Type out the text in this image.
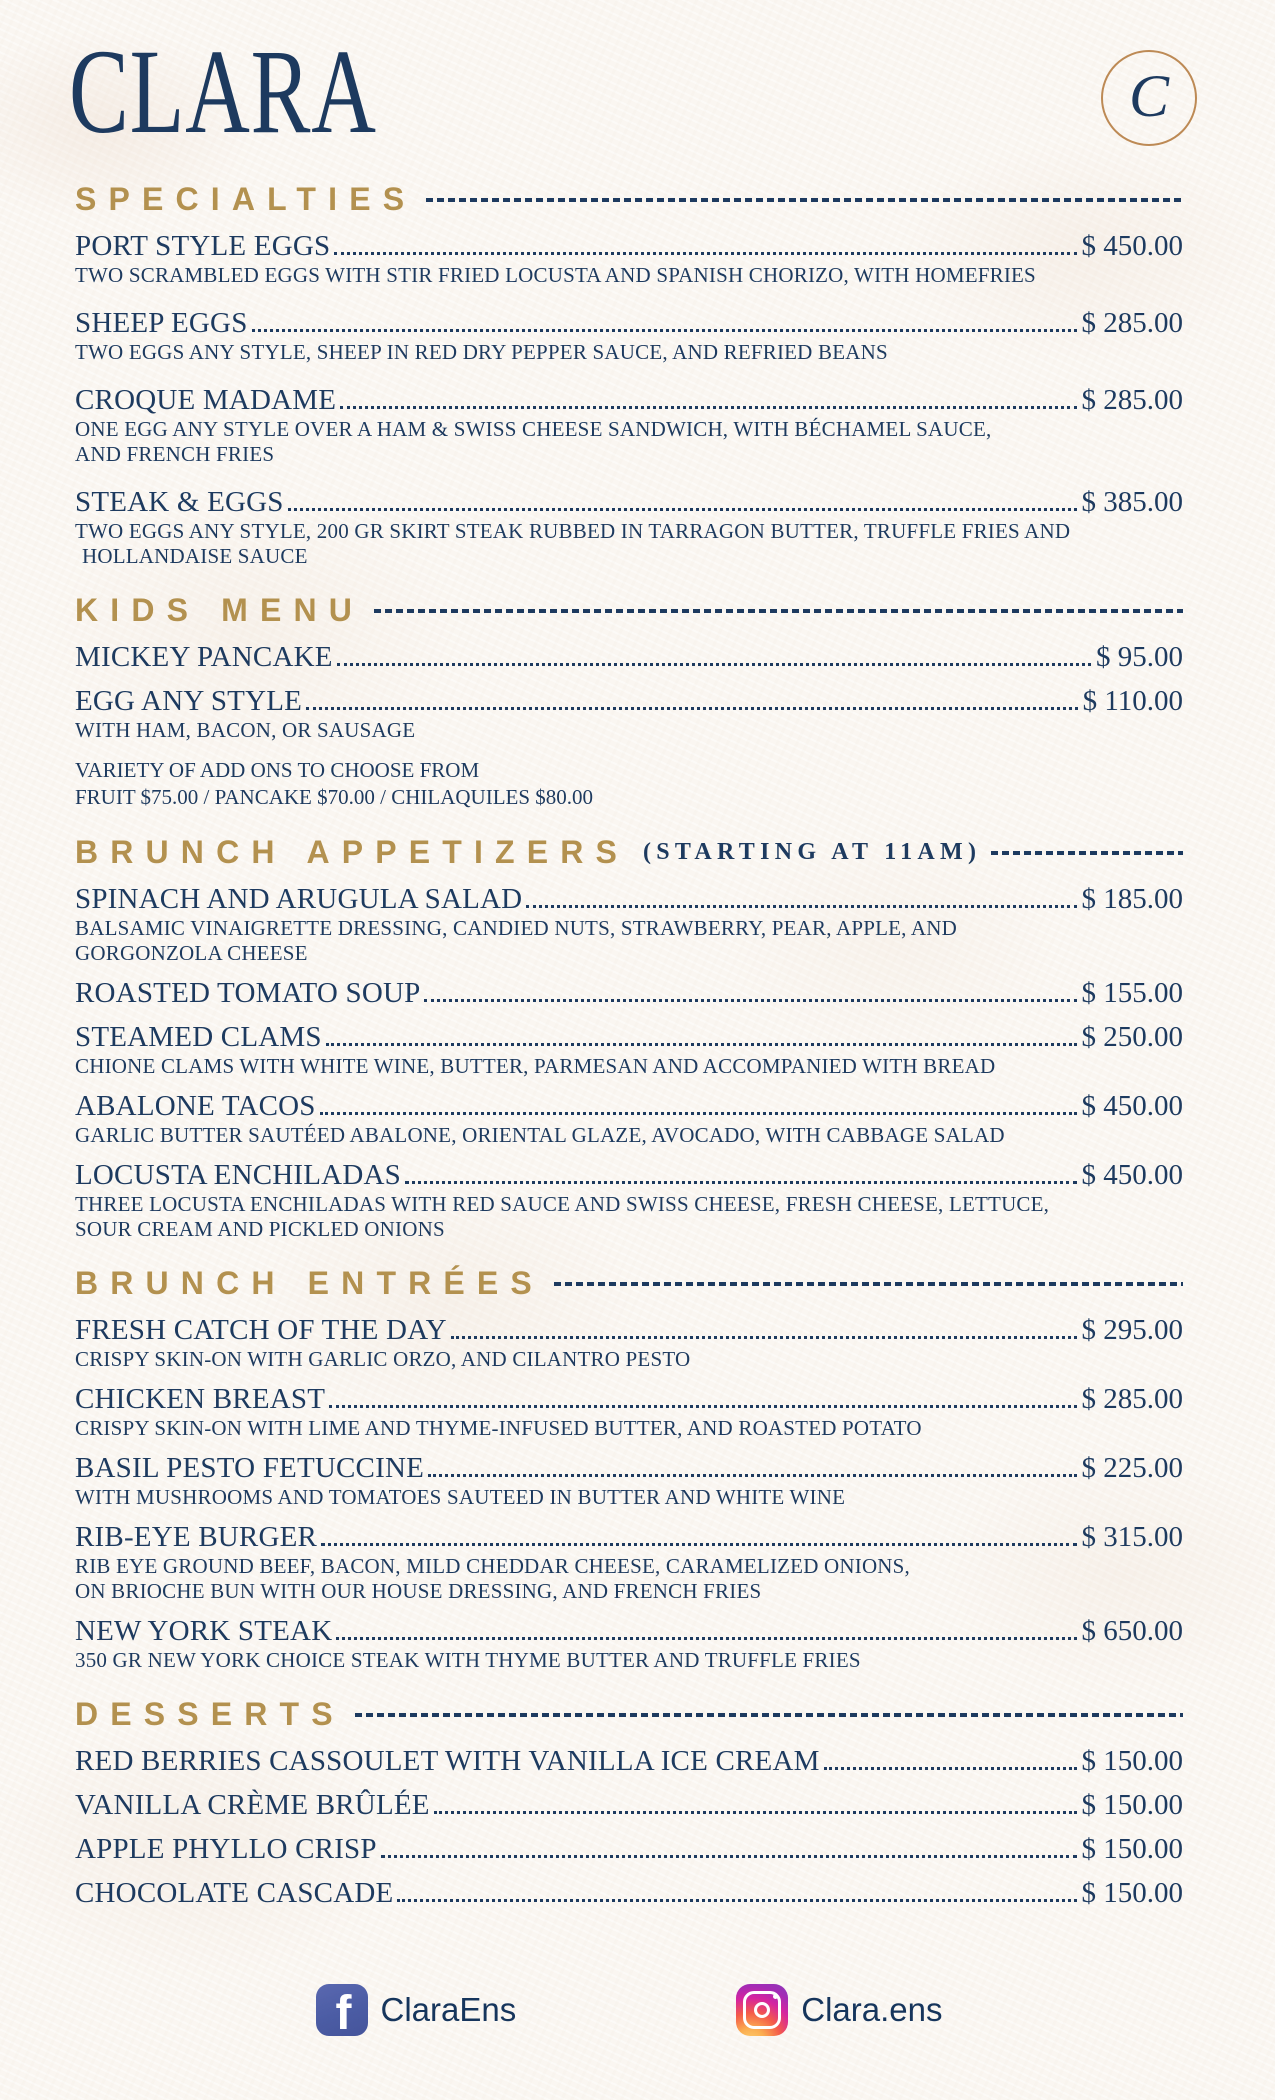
CLARA	C
SPECIALTIES
PORT STYLE EGGS	$ 450.00
TWO SCRAMBLED EGGS WITH STIR FRIED LOCUSTA AND SPANISH CHORIZO, WITH HOMEFRIES
SHEEP EGGS	$ 285.00
TWO EGGS ANY STYLE, SHEEP IN RED DRY PEPPER SAUCE, AND REFRIED BEANS
CROQUE MADAME	$ 285.00
ONE EGG ANY STYLE OVER A HAM & SWISS CHEESE SANDWICH, WITH BÉCHAMEL SAUCE,
AND FRENCH FRIES
STEAK & EGGS	$ 385.00
TWO EGGS ANY STYLE, 200 GR SKIRT STEAK RUBBED IN TARRAGON BUTTER, TRUFFLE FRIES AND
HOLLANDAISE SAUCE
KIDS MENU
MICKEY PANCAKE	$ 95.00
EGG ANY STYLE	$ 110.00
WITH HAM, BACON, OR SAUSAGE
VARIETY OF ADD ONS TO CHOOSE FROM
FRUIT $75.00 / PANCAKE $70.00 / CHILAQUILES $80.00
BRUNCH APPETIZERS (STARTING AT 11AM)
SPINACH AND ARUGULA SALAD	$ 185.00
BALSAMIC VINAIGRETTE DRESSING, CANDIED NUTS, STRAWBERRY, PEAR, APPLE, AND
GORGONZOLA CHEESE
ROASTED TOMATO SOUP	$ 155.00
STEAMED CLAMS	$ 250.00
CHIONE CLAMS WITH WHITE WINE, BUTTER, PARMESAN AND ACCOMPANIED WITH BREAD
ABALONE TACOS	$ 450.00
GARLIC BUTTER SAUTÉED ABALONE, ORIENTAL GLAZE, AVOCADO, WITH CABBAGE SALAD
LOCUSTA ENCHILADAS	$ 450.00
THREE LOCUSTA ENCHILADAS WITH RED SAUCE AND SWISS CHEESE, FRESH CHEESE, LETTUCE,
SOUR CREAM AND PICKLED ONIONS
BRUNCH ENTRÉES
FRESH CATCH OF THE DAY	$ 295.00
CRISPY SKIN-ON WITH GARLIC ORZO, AND CILANTRO PESTO
CHICKEN BREAST	$ 285.00
CRISPY SKIN-ON WITH LIME AND THYME-INFUSED BUTTER, AND ROASTED POTATO
BASIL PESTO FETUCCINE	$ 225.00
WITH MUSHROOMS AND TOMATOES SAUTEED IN BUTTER AND WHITE WINE
RIB-EYE BURGER	$ 315.00
RIB EYE GROUND BEEF, BACON, MILD CHEDDAR CHEESE, CARAMELIZED ONIONS,
ON BRIOCHE BUN WITH OUR HOUSE DRESSING, AND FRENCH FRIES
NEW YORK STEAK	$ 650.00
350 GR NEW YORK CHOICE STEAK WITH THYME BUTTER AND TRUFFLE FRIES
DESSERTS
RED BERRIES CASSOULET WITH VANILLA ICE CREAM	$ 150.00
VANILLA CRÈME BRÛLÉE	$ 150.00
APPLE PHYLLO CRISP	$ 150.00
CHOCOLATE CASCADE	$ 150.00
f ClaraEns	Clara.ens
